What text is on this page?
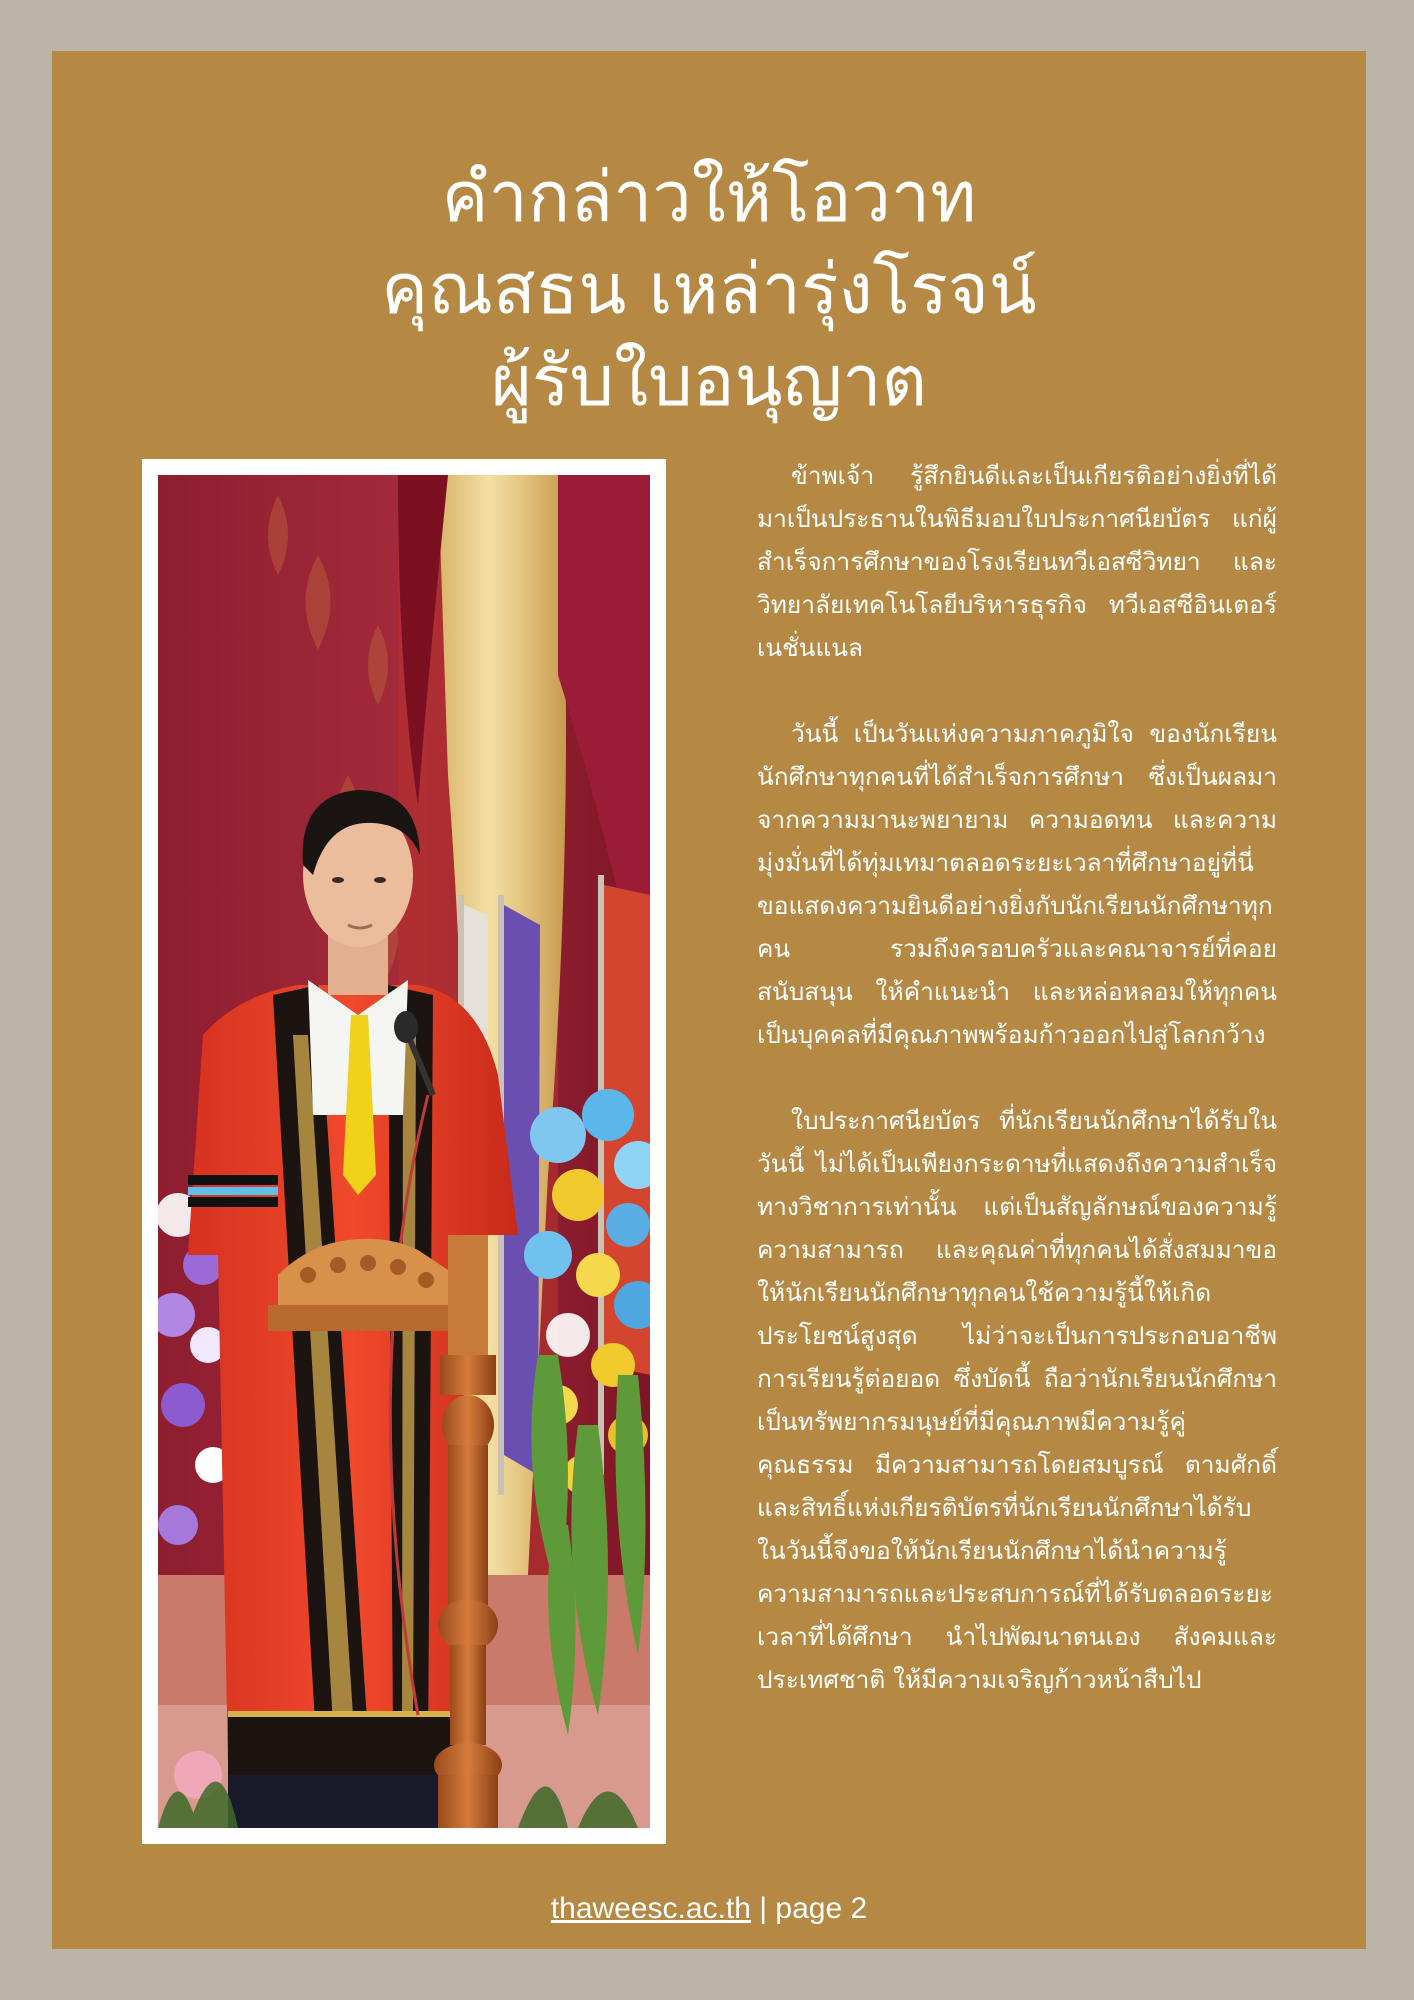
คำกล่าวให้โอวาท
คุณสธน เหล่ารุ่งโรจน์
ผู้รับใบอนุญาต

ข้าพเจ้า รู้สึกยินดีและเป็นเกียรติอย่างยิ่งที่ได้มาเป็นประธานในพิธีมอบใบประกาศนียบัตร แก่ผู้สำเร็จการศึกษาของโรงเรียนทวีเอสซีวิทยา และ วิทยาลัยเทคโนโลยีบริหารธุรกิจ ทวีเอสซีอินเตอร์เนชั่นแนล

วันนี้ เป็นวันแห่งความภาคภูมิใจ ของนักเรียน นักศึกษาทุกคนที่ได้สำเร็จการศึกษา ซึ่งเป็นผลมาจากความมานะพยายาม ความอดทน และความมุ่งมั่นที่ได้ทุ่มเทมาตลอดระยะเวลาที่ศึกษาอยู่ที่นี่ ขอแสดงความยินดีอย่างยิ่งกับนักเรียนนักศึกษาทุกคน รวมถึงครอบครัวและคณาจารย์ที่คอยสนับสนุน ให้คำแนะนำ และหล่อหลอมให้ทุกคนเป็นบุคคลที่มีคุณภาพพร้อมก้าวออกไปสู่โลกกว้าง

ใบประกาศนียบัตร ที่นักเรียนนักศึกษาได้รับในวันนี้ ไม่ได้เป็นเพียงกระดาษที่แสดงถึงความสำเร็จทางวิชาการเท่านั้น แต่เป็นสัญลักษณ์ของความรู้ ความสามารถ และคุณค่าที่ทุกคนได้สั่งสมมาขอให้นักเรียนนักศึกษาทุกคนใช้ความรู้นี้ให้เกิดประโยชน์สูงสุด ไม่ว่าจะเป็นการประกอบอาชีพ การเรียนรู้ต่อยอด ซึ่งบัดนี้ ถือว่านักเรียนนักศึกษาเป็นทรัพยากรมนุษย์ที่มีคุณภาพมีความรู้คู่คุณธรรม มีความสามารถโดยสมบูรณ์ ตามศักดิ์และสิทธิ์แห่งเกียรติบัตรที่นักเรียนนักศึกษาได้รับในวันนี้จึงขอให้นักเรียนนักศึกษาได้นำความรู้ความสามารถและประสบการณ์ที่ได้รับตลอดระยะเวลาที่ได้ศึกษา นำไปพัฒนาตนเอง สังคมและประเทศชาติ ให้มีความเจริญก้าวหน้าสืบไป

thaweesc.ac.th | page 2
